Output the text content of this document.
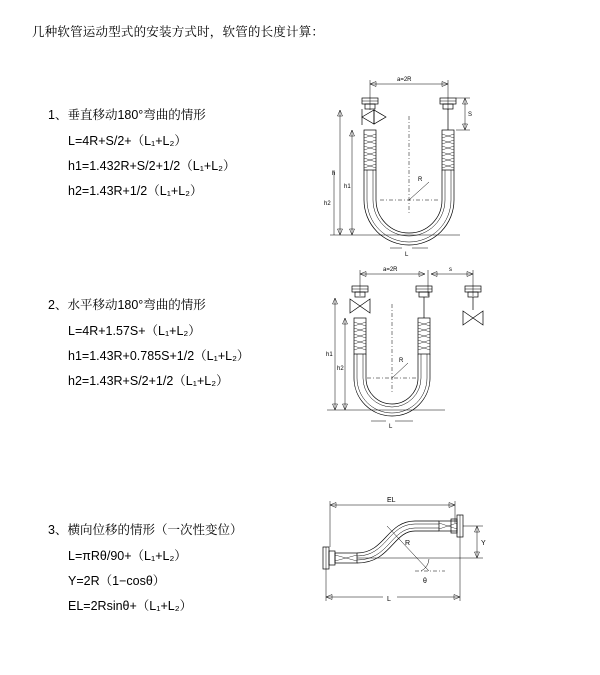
几种软管运动型式的安装方式时，软管的长度计算：

1、垂直移动180°弯曲的情形

L=4R+S/2+（L₁+L₂）

h1=1.432R+S/2+1/2（L₁+L₂）

h2=1.43R+1/2（L₁+L₂）

a=2R
S
h
h1
h2
R
L

2、水平移动180°弯曲的情形

L=4R+1.57S+（L₁+L₂）

h1=1.43R+0.785S+1/2（L₁+L₂）

h2=1.43R+S/2+1/2（L₁+L₂）

a=2R	s
h1
h2
R
L

3、横向位移的情形（一次性变位）

L=πRθ/90+（L₁+L₂）

Y=2R（1−cosθ）

EL=2Rsinθ+（L₁+L₂）

EL
Y
R
θ
L
